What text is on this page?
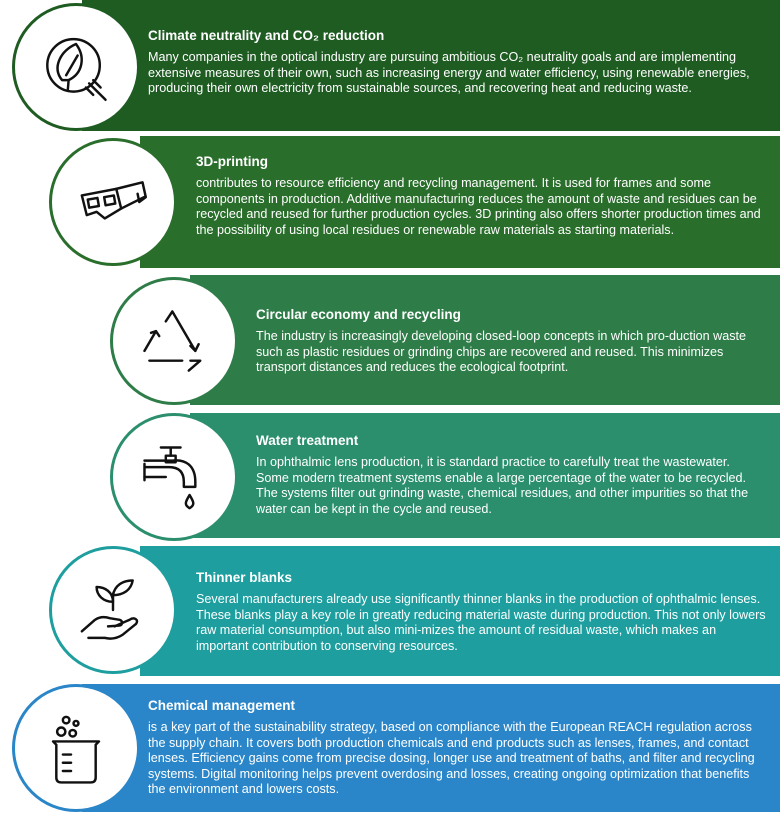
Climate neutrality and CO₂ reduction

Many companies in the optical industry are pursuing ambitious CO₂ neutrality goals and are implementing extensive measures of their own, such as increasing energy and water efficiency, using renewable energies, producing their own electricity from sustainable sources, and recovering heat and reducing waste.

3D-printing

contributes to resource efficiency and recycling management. It is used for frames and some components in production. Additive manufacturing reduces the amount of waste and residues can be recycled and reused for further production cycles. 3D printing also offers shorter production times and the possibility of using local residues or renewable raw materials as starting materials.

Circular economy and recycling

The industry is increasingly developing closed-loop concepts in which pro-duction waste such as plastic residues or grinding chips are recovered and reused. This minimizes transport distances and reduces the ecological footprint.

Water treatment

In ophthalmic lens production, it is standard practice to carefully treat the wastewater. Some modern treatment systems enable a large percentage of the water to be recycled. The systems filter out grinding waste, chemical residues, and other impurities so that the water can be kept in the cycle and reused.

Thinner blanks

Several manufacturers already use significantly thinner blanks in the production of ophthalmic lenses. These blanks play a key role in greatly reducing material waste during production. This not only lowers raw material consumption, but also mini-mizes the amount of residual waste, which makes an important contribution to conserving resources.

Chemical management

is a key part of the sustainability strategy, based on compliance with the European REACH regulation across the supply chain. It covers both production chemicals and end products such as lenses, frames, and contact lenses. Efficiency gains come from precise dosing, longer use and treatment of baths, and filter and recycling systems. Digital monitoring helps prevent overdosing and losses, creating ongoing optimization that benefits the environment and lowers costs.
